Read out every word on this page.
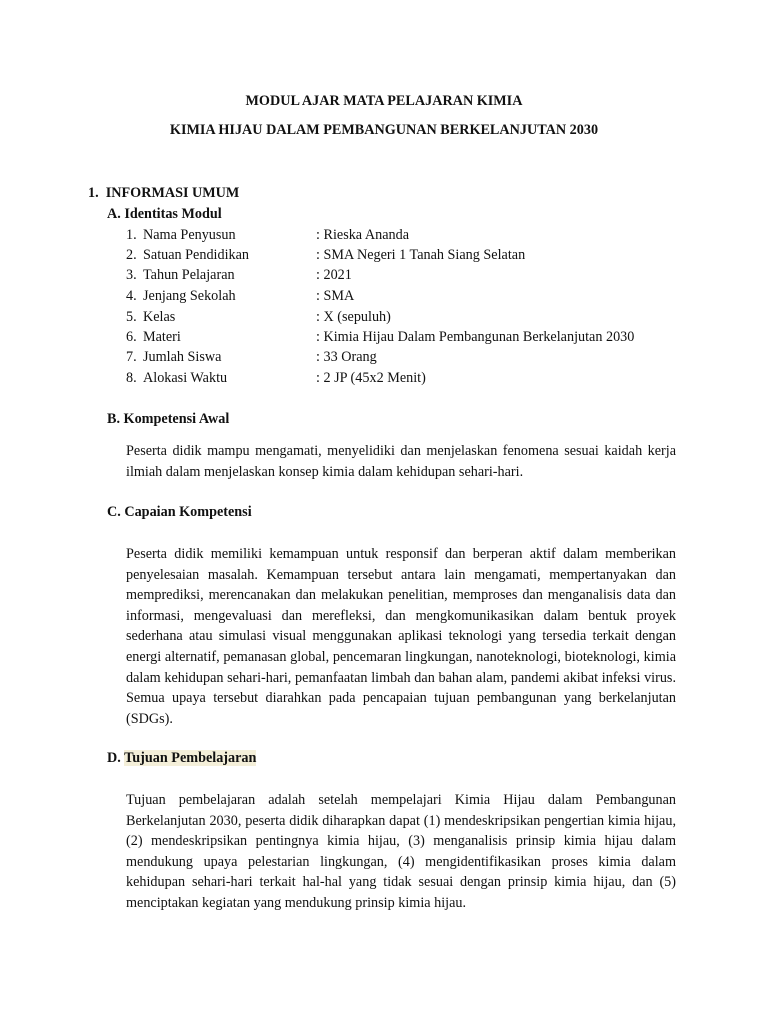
MODUL AJAR MATA PELAJARAN KIMIA
KIMIA HIJAU DALAM PEMBANGUNAN BERKELANJUTAN 2030
1.  INFORMASI UMUM
A. Identitas Modul
1. Nama Penyusun	: Rieska Ananda
2. Satuan Pendidikan	: SMA Negeri 1 Tanah Siang Selatan
3. Tahun Pelajaran	: 2021
4. Jenjang Sekolah	: SMA
5. Kelas	: X (sepuluh)
6. Materi	: Kimia Hijau Dalam Pembangunan Berkelanjutan 2030
7. Jumlah Siswa	: 33 Orang
8. Alokasi Waktu	: 2 JP (45x2 Menit)
B. Kompetensi Awal

Peserta didik mampu mengamati, menyelidiki dan menjelaskan fenomena sesuai kaidah kerja ilmiah dalam menjelaskan konsep kimia dalam kehidupan sehari-hari.

C. Capaian Kompetensi

Peserta didik memiliki kemampuan untuk responsif dan berperan aktif dalam memberikan penyelesaian masalah. Kemampuan tersebut antara lain mengamati, mempertanyakan dan memprediksi, merencanakan dan melakukan penelitian, memproses dan menganalisis data dan informasi, mengevaluasi dan merefleksi, dan mengkomunikasikan dalam bentuk proyek sederhana atau simulasi visual menggunakan aplikasi teknologi yang tersedia terkait dengan energi alternatif, pemanasan global, pencemaran lingkungan, nanoteknologi, bioteknologi, kimia dalam kehidupan sehari-hari, pemanfaatan limbah dan bahan alam, pandemi akibat infeksi virus. Semua upaya tersebut diarahkan pada pencapaian tujuan pembangunan yang berkelanjutan (SDGs).

D. Tujuan Pembelajaran

Tujuan pembelajaran adalah setelah mempelajari Kimia Hijau dalam Pembangunan Berkelanjutan 2030, peserta didik diharapkan dapat (1) mendeskripsikan pengertian kimia hijau, (2) mendeskripsikan pentingnya kimia hijau, (3) menganalisis prinsip kimia hijau dalam mendukung upaya pelestarian lingkungan, (4) mengidentifikasikan proses kimia dalam kehidupan sehari-hari terkait hal-hal yang tidak sesuai dengan prinsip kimia hijau, dan (5) menciptakan kegiatan yang mendukung prinsip kimia hijau.
